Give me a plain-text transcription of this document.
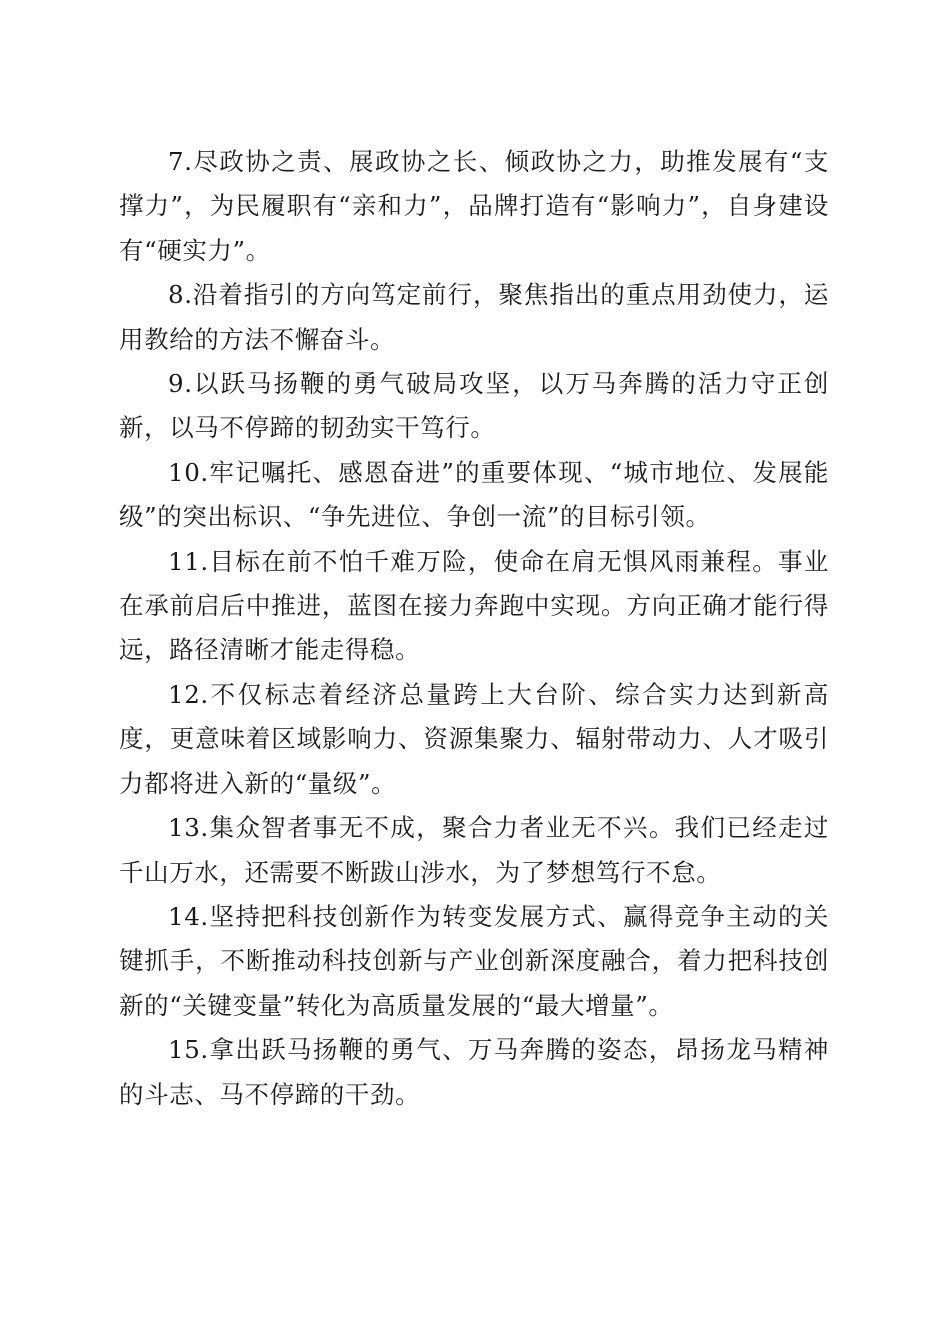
7.尽政协之责、展政协之长、倾政协之力，助推发展有“支撑力”，为民履职有“亲和力”，品牌打造有“影响力”，自身建设有“硬实力”。

8.沿着指引的方向笃定前行，聚焦指出的重点用劲使力，运用教给的方法不懈奋斗。

9.以跃马扬鞭的勇气破局攻坚，以万马奔腾的活力守正创新，以马不停蹄的韧劲实干笃行。

10.牢记嘱托、感恩奋进”的重要体现、“城市地位、发展能级”的突出标识、“争先进位、争创一流”的目标引领。

11.目标在前不怕千难万险，使命在肩无惧风雨兼程。事业在承前启后中推进，蓝图在接力奔跑中实现。方向正确才能行得远，路径清晰才能走得稳。

12.不仅标志着经济总量跨上大台阶、综合实力达到新高度，更意味着区域影响力、资源集聚力、辐射带动力、人才吸引力都将进入新的“量级”。

13.集众智者事无不成，聚合力者业无不兴。我们已经走过千山万水，还需要不断跋山涉水，为了梦想笃行不怠。

14.坚持把科技创新作为转变发展方式、赢得竞争主动的关键抓手，不断推动科技创新与产业创新深度融合，着力把科技创新的“关键变量”转化为高质量发展的“最大增量”。

15.拿出跃马扬鞭的勇气、万马奔腾的姿态，昂扬龙马精神的斗志、马不停蹄的干劲。
